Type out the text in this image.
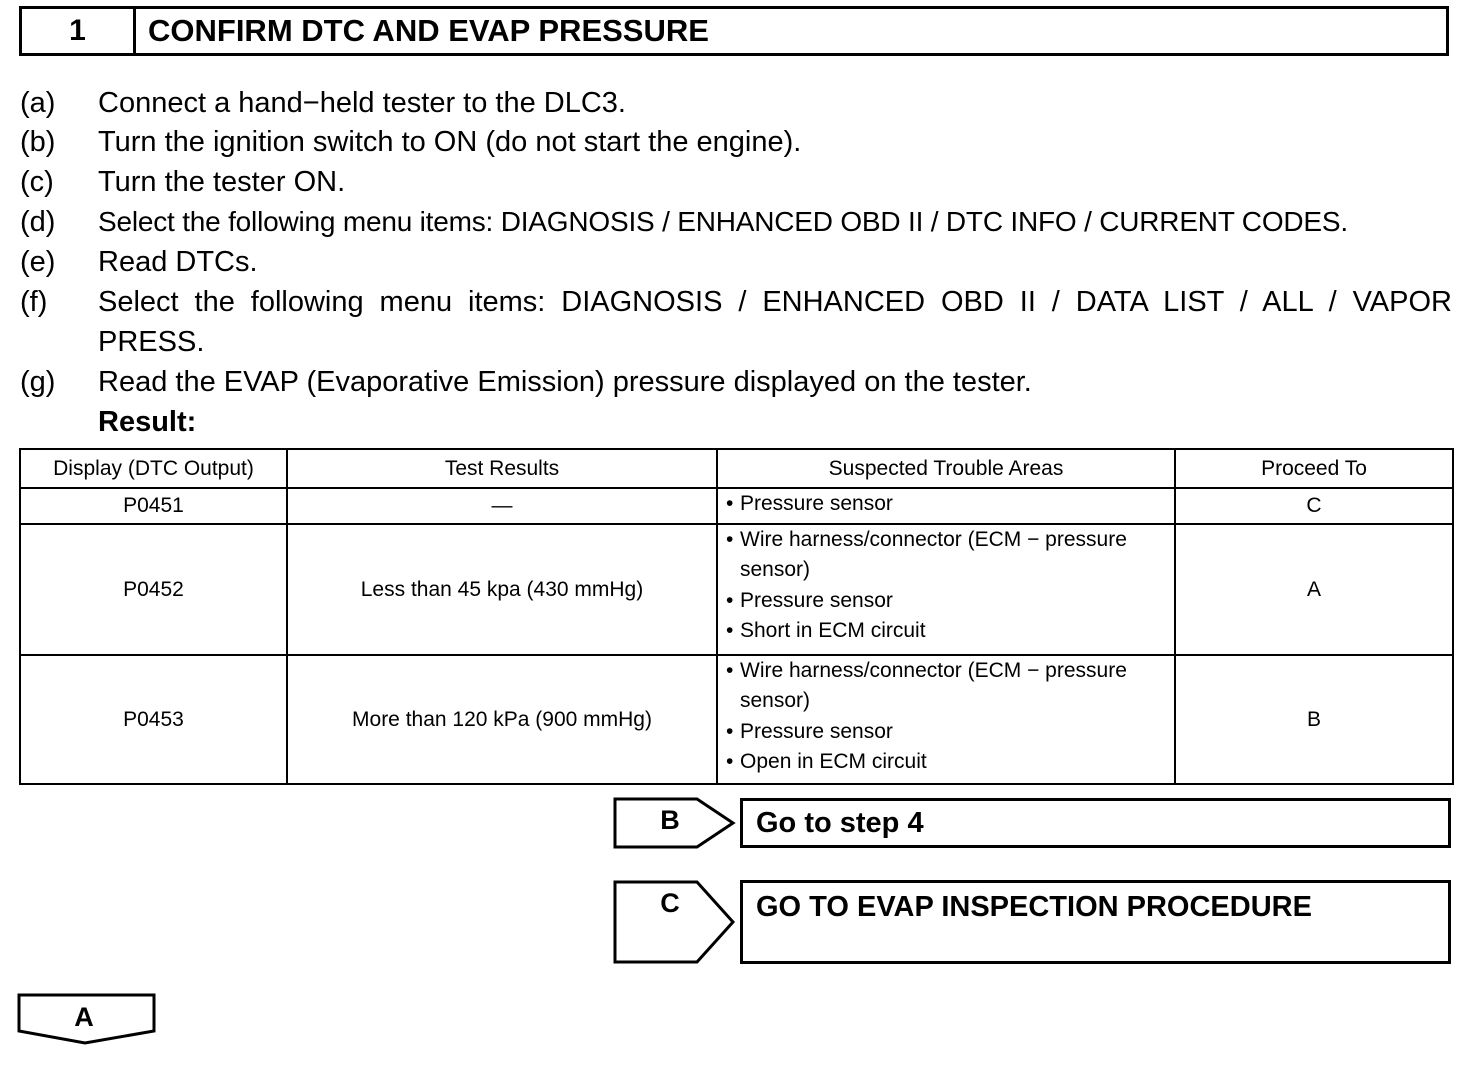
1	CONFIRM DTC AND EVAP PRESSURE
(a) Connect a hand−held tester to the DLC3.
(b) Turn the ignition switch to ON (do not start the engine).
(c) Turn the tester ON.
(d) Select the following menu items: DIAGNOSIS / ENHANCED OBD II / DTC INFO / CURRENT CODES.
(e) Read DTCs.
(f) Select the following menu items: DIAGNOSIS / ENHANCED OBD II / DATA LIST / ALL / VAPOR
PRESS.
(g) Read the EVAP (Evaporative Emission) pressure displayed on the tester.
Result:
Display (DTC Output)	Test Results	Suspected Trouble Areas	Proceed To
P0451	—	• Pressure sensor	C
P0452	Less than 45 kpa (430 mmHg)	• Wire harness/connector (ECM − pressure sensor)
• Pressure sensor
• Short in ECM circuit	A
P0453	More than 120 kPa (900 mmHg)	• Wire harness/connector (ECM − pressure sensor)
• Pressure sensor
• Open in ECM circuit	B
B	Go to step 4
C	GO TO EVAP INSPECTION PROCEDURE
A
